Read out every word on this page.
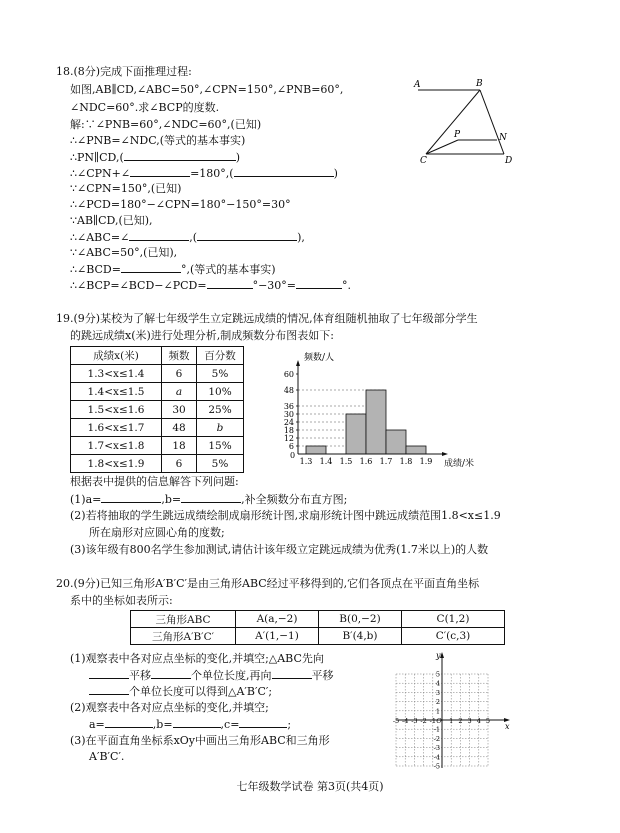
18.(8分)完成下面推理过程:
如图,AB∥CD,∠ABC=50°,∠CPN=150°,∠PNB=60°,
∠NDC=60°.求∠BCP的度数.
解:∵∠PNB=60°,∠NDC=60°,(已知)
∴∠PNB=∠NDC,(等式的基本事实)
∴PN∥CD,(	)
∴∠CPN+∠	=180°,(	)
∵∠CPN=150°,(已知)
∴∠PCD=180°−∠CPN=180°−150°=30°
∵AB∥CD,(已知),
∴∠ABC=∠	,(	),
∵∠ABC=50°,(已知),
∴∠BCD=	°,(等式的基本事实)
∴∠BCP=∠BCD−∠PCD=	°−30°=	°.
A	B
P	N
C	D
19.(9分)某校为了解七年级学生立定跳远成绩的情况,体育组随机抽取了七年级部分学生
的跳远成绩x(米)进行处理分析,制成频数分布图表如下:
成绩x(米)	频数	百分数
1.3<x≤1.4	6	5%
1.4<x≤1.5	a	10%
1.5<x≤1.6	30	25%
1.6<x≤1.7	48	b
1.7<x≤1.8	18	15%
1.8<x≤1.9	6	5%
频数/人
成绩/米
0
6
12
18
24
30
36
48
60
1.3 1.4 1.5 1.6 1.7 1.8 1.9
根据表中提供的信息解答下列问题:
(1)a=	,b=	,补全频数分布直方图;
(2)若将抽取的学生跳远成绩绘制成扇形统计图,求扇形统计图中跳远成绩范围1.8<x≤1.9
所在扇形对应圆心角的度数;
(3)该年级有800名学生参加测试,请估计该年级立定跳远成绩为优秀(1.7米以上)的人数
20.(9分)已知三角形A′B′C′是由三角形ABC经过平移得到的,它们各顶点在平面直角坐标
系中的坐标如表所示:
三角形ABC	A(a,−2)	B(0,−2)	C(1,2)
三角形A′B′C′	A′(1,−1)	B′(4,b)	C′(c,3)
(1)观察表中各对应点坐标的变化,并填空;△ABC先向
平移	个单位长度,再向	平移
个单位长度可以得到△A′B′C′;
(2)观察表中各对应点坐标的变化,并填空;
a=	,b=	,c=	;
(3)在平面直角坐标系xOy中画出三角形ABC和三角形
A′B′C′.
x
y
-5 -4 -3 -2 -1 O 1 2 3 4 5
5
4
3
2
1
-1
-2
-3
-4
-5
七年级数学试卷 第3页(共4页)
